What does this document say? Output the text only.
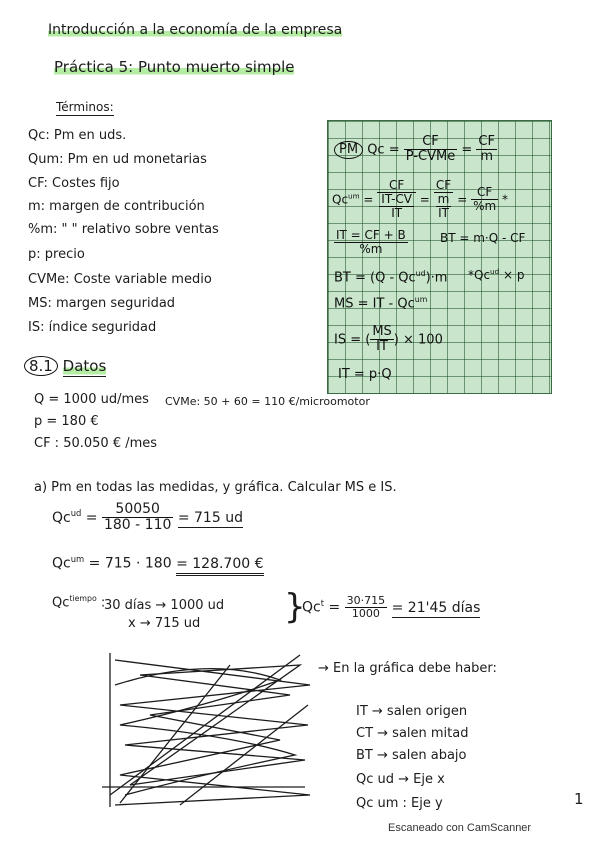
Introducción a la economía de la empresa
Práctica 5: Punto muerto simple
Términos:
Qc: Pm en uds.
Qum: Pm en ud monetarias
CF: Costes fijo
m: margen de contribución
%m: " " relativo sobre ventas
p: precio
CVMe: Coste variable medio
MS: margen seguridad
IS: índice seguridad
PM $Qc = \frac{CF}{\text{P-CVMe}} = \frac{CF}{m}$
$Qc^{um} = \frac{CF}{\frac{IT-CV}{IT}} = \frac{CF}{\frac{m}{IT}} = \frac{CF}{\%m}$ *
$\frac{IT = CF + B}{\%m}$	BT = m·Q - CF
BT = $(Q - Qc^{ud})\cdot m$ $*Qc^{ud} \times p$
MS = IT - $Qc^{um}$
IS = ( $\frac{MS}{IT}$ ) × 100
IT = p·Q
8.1 Datos
Q = 1000 ud/mes CVMe: 50 + 60 = 110 €/microomotor
p = 180 €
CF : 50.050 € /mes
a) Pm en todas las medidas, y gráfica. Calcular MS e IS.
$Qc^{ud} = \frac{50050}{180 - 110} = 715$ ud
$Qc^{um} = 715 \cdot 180 = 128.700$ €
$Qc^{tiempo}$ :
30 días → 1000 ud
x → 715 ud }
$Qc^t = \frac{30\cdot 715}{1000} = 21'45$ días
→ En la gráfica debe haber:
IT → salen origen
CT → salen mitad
BT → salen abajo
Qc ud → Eje x
Qc um : Eje y	1
Escaneado con CamScanner
